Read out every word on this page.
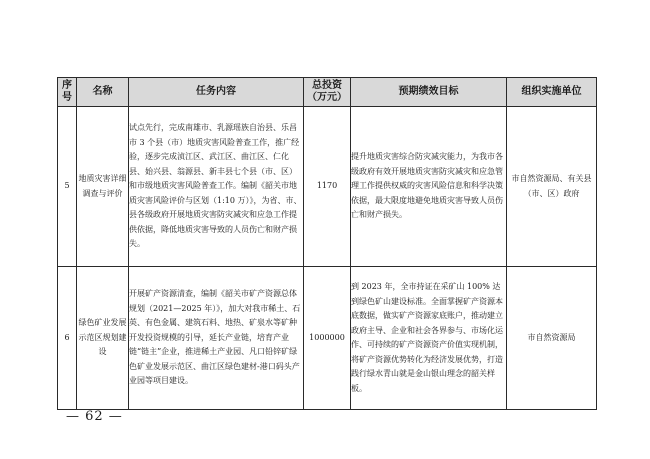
序号	名称	任务内容	总投资（万元）	预期绩效目标	组织实施单位
5	地质灾害详细调查与评价	试点先行，完成南雄市、乳源瑶族自治县、乐昌市 3 个县（市）地质灾害风险普查工作，推广经验，逐步完成浈江区、武江区、曲江区、仁化县、始兴县、翁源县、新丰县七个县（市、区）和市级地质灾害风险普查工作。编制《韶关市地质灾害风险评价与区划（1:10 万）》，为省、市、县各级政府开展地质灾害防灾减灾和应急工作提供依据，降低地质灾害导致的人员伤亡和财产损失。	1170	提升地质灾害综合防灾减灾能力，为我市各级政府有效开展地质灾害防灾减灾和应急管理工作提供权威的灾害风险信息和科学决策依据，最大限度地避免地质灾害导致人员伤亡和财产损失。	市自然资源局、有关县（市、区）政府
6	绿色矿业发展示范区规划建设	开展矿产资源清查，编制《韶关市矿产资源总体规划（2021—2025 年）》，加大对我市稀土、石英、有色金属、建筑石料、地热、矿泉水等矿种开发投资规模的引导，延长产业链，培育产业链“链主”企业，推进稀土产业园、凡口铅锌矿绿色矿业发展示范区、曲江区绿色建材-港口码头产业园等项目建设。	1000000	到 2023 年，全市持证在采矿山 100% 达到绿色矿山建设标准。全面掌握矿产资源本底数据，做实矿产资源家底账户，推动建立政府主导、企业和社会各界参与、市场化运作、可持续的矿产资源资产价值实现机制，将矿产资源优势转化为经济发展优势，打造践行绿水青山就是金山银山理念的韶关样板。	市自然资源局
— 62 —
